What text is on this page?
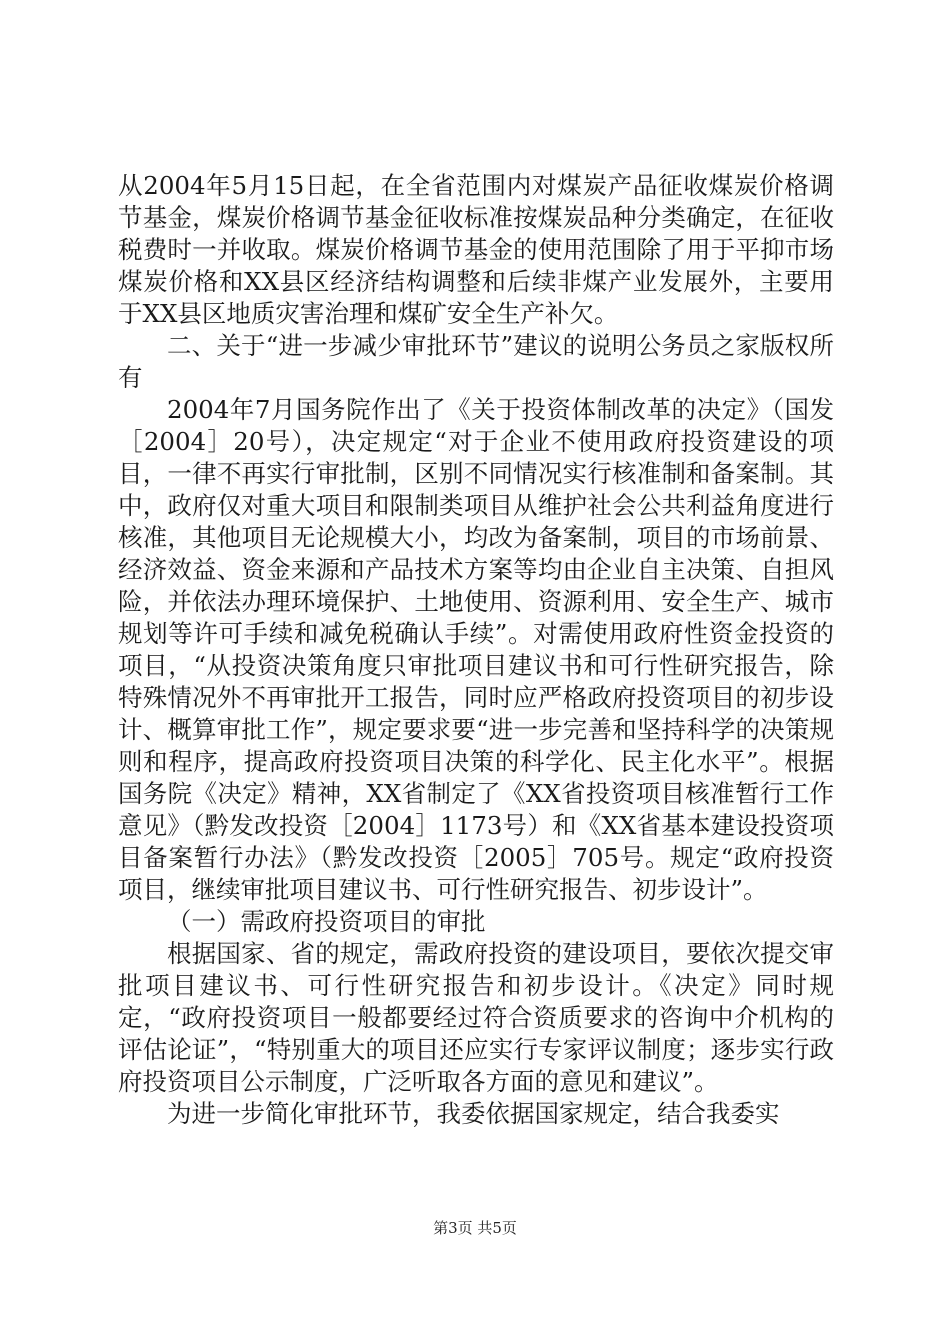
从2004年5月15日起，在全省范围内对煤炭产品征收煤炭价格调节基金，煤炭价格调节基金征收标准按煤炭品种分类确定，在征收税费时一并收取。煤炭价格调节基金的使用范围除了用于平抑市场煤炭价格和XX县区经济结构调整和后续非煤产业发展外，主要用于XX县区地质灾害治理和煤矿安全生产补欠。

二、关于“进一步减少审批环节”建议的说明公务员之家版权所有

2004年7月国务院作出了《关于投资体制改革的决定》（国发［2004］20号），决定规定“对于企业不使用政府投资建设的项目，一律不再实行审批制，区别不同情况实行核准制和备案制。其中，政府仅对重大项目和限制类项目从维护社会公共利益角度进行核准，其他项目无论规模大小，均改为备案制，项目的市场前景、经济效益、资金来源和产品技术方案等均由企业自主决策、自担风险，并依法办理环境保护、土地使用、资源利用、安全生产、城市规划等许可手续和减免税确认手续”。对需使用政府性资金投资的项目，“从投资决策角度只审批项目建议书和可行性研究报告，除特殊情况外不再审批开工报告，同时应严格政府投资项目的初步设计、概算审批工作”，规定要求要“进一步完善和坚持科学的决策规则和程序，提高政府投资项目决策的科学化、民主化水平”。根据国务院《决定》精神，XX省制定了《XX省投资项目核准暂行工作意见》（黔发改投资［2004］1173号）和《XX省基本建设投资项目备案暂行办法》（黔发改投资［2005］705号。规定“政府投资项目，继续审批项目建议书、可行性研究报告、初步设计”。

（一）需政府投资项目的审批

根据国家、省的规定，需政府投资的建设项目，要依次提交审批项目建议书、可行性研究报告和初步设计。《决定》同时规定，“政府投资项目一般都要经过符合资质要求的咨询中介机构的评估论证”，“特别重大的项目还应实行专家评议制度；逐步实行政府投资项目公示制度，广泛听取各方面的意见和建议”。

为进一步简化审批环节，我委依据国家规定，结合我委实

第3页 共5页
